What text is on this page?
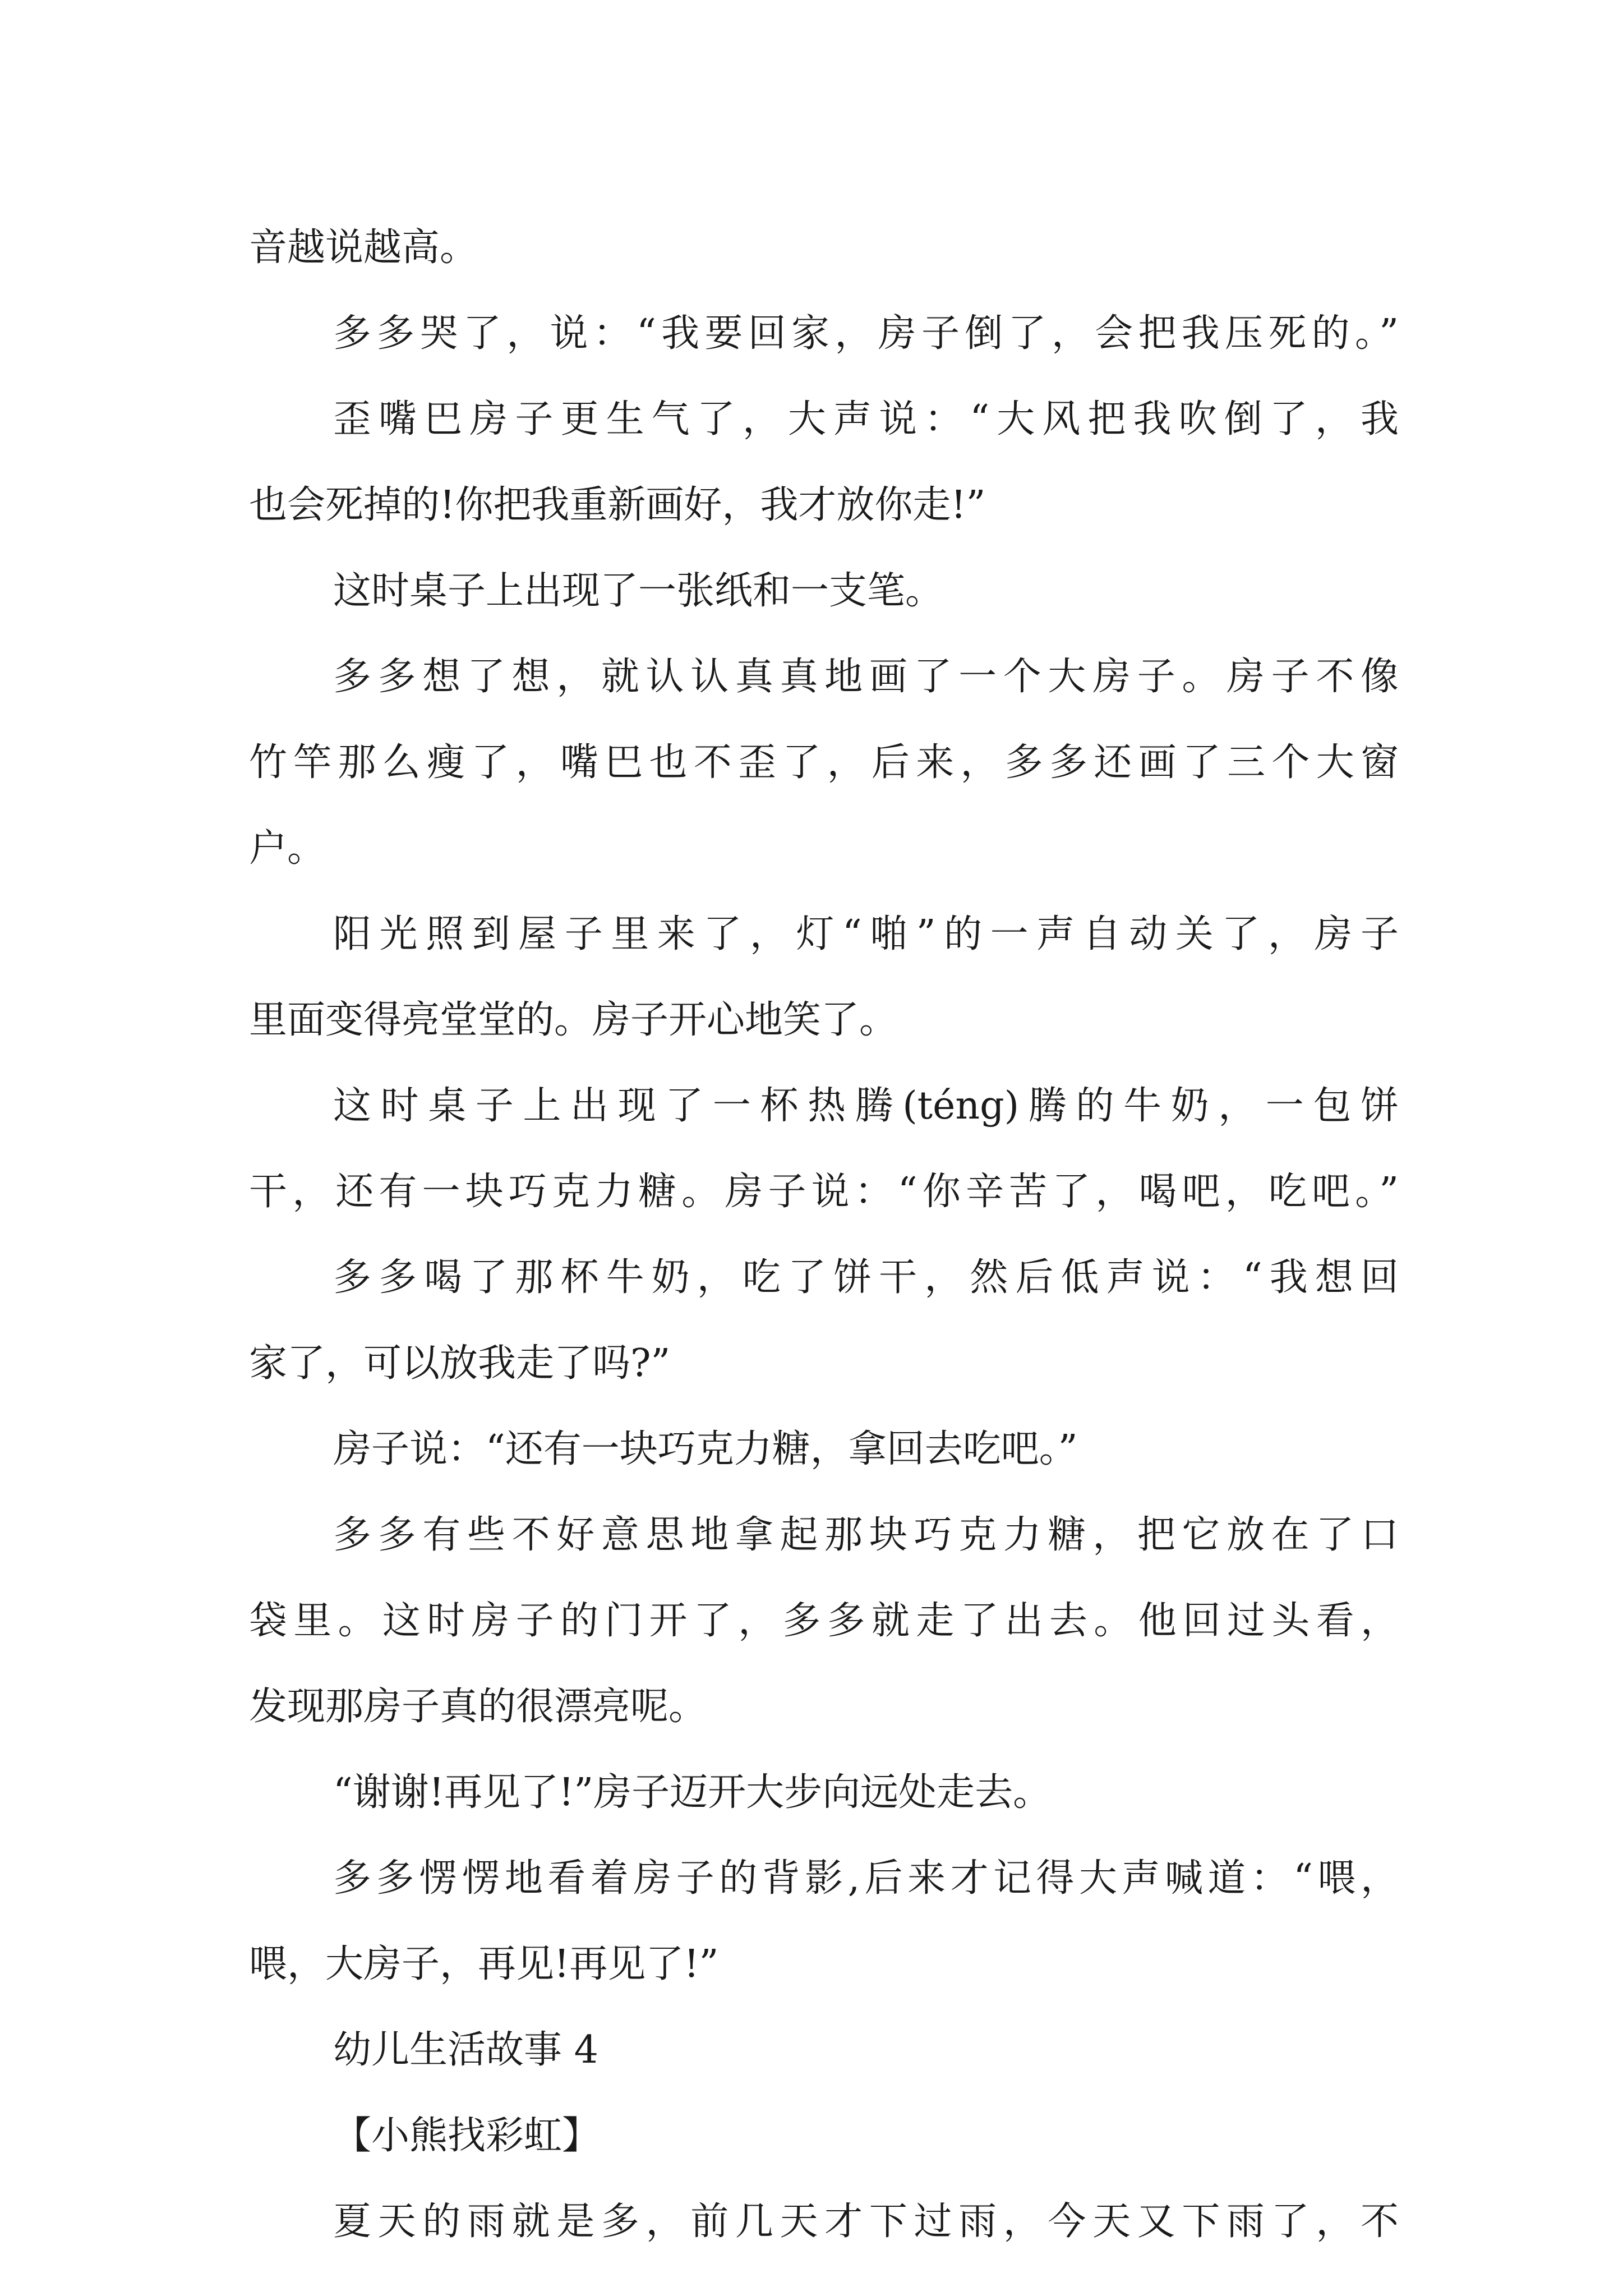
音越说越高。
多多哭了，说：“我要回家，房子倒了，会把我压死的。”
歪嘴巴房子更生气了，大声说：“大风把我吹倒了，我
也会死掉的!你把我重新画好，我才放你走!”
这时桌子上出现了一张纸和一支笔。
多多想了想，就认认真真地画了一个大房子。房子不像
竹竿那么瘦了，嘴巴也不歪了，后来，多多还画了三个大窗
户。
阳光照到屋子里来了，灯“啪”的一声自动关了，房子
里面变得亮堂堂的。房子开心地笑了。
这时桌子上出现了一杯热腾(téng)腾的牛奶，一包饼
干，还有一块巧克力糖。房子说：“你辛苦了，喝吧，吃吧。”
多多喝了那杯牛奶，吃了饼干，然后低声说：“我想回
家了，可以放我走了吗?”
房子说：“还有一块巧克力糖，拿回去吃吧。”
多多有些不好意思地拿起那块巧克力糖，把它放在了口
袋里。这时房子的门开了，多多就走了出去。他回过头看，
发现那房子真的很漂亮呢。
“谢谢!再见了!”房子迈开大步向远处走去。
多多愣愣地看着房子的背影,后来才记得大声喊道：“喂，
喂，大房子，再见!再见了!”
幼儿生活故事 4
【小熊找彩虹】
夏天的雨就是多，前几天才下过雨，今天又下雨了，不
